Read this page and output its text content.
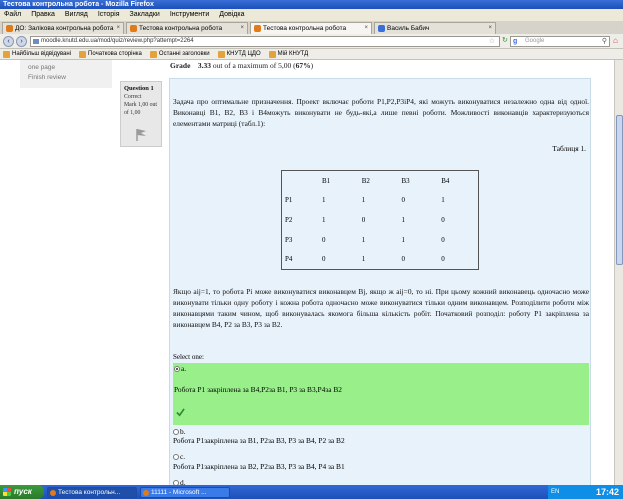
Тестова контрольна робота - Mozilla Firefox
Файл Правка Вигляд Історія Закладки Інструменти Довідка
ДО: Залікова контрольна робота ×	Тестова контрольна робота	×	Тестова контрольна робота	×	Василь Бабич	×
‹	›	moodle.knutd.edu.ua/mod/quiz/review.php?attempt=2264	☆ ↻ g Google	⚲ ⌂
Найбільш відвідувані	Початкова сторінка	Останні заголовки	КНУТД ЦДО	Мій КНУТД
one page
Finish review
Grade 3.33 out of a maximum of 5,00 (67%)
Question 1
Correct
Mark 1,00 out of 1,00
Задача про оптимальне призначення. Проект включає роботи P1,P2,P3іP4, які можуть виконуватися незалежно одна від одної. Виконавці B1, B2, B3 і B4можуть виконувати не будь-які,а лише певні роботи. Можливості виконавців характеризуються елементами матриці (табл.1):
Таблиця 1.
	B1	B2	B3	B4
P1	1	1	0	1
P2	1	0	1	0
P3	0	1	1	0
P4	0	1	0	0
Якщо aij=1, то робота Pi може виконуватися виконавцем Bj, якщо ж aij=0, то ні. При цьому кожний виконавець одночасно може виконувати тільки одну роботу і кожна робота одночасно може виконуватися тільки одним виконавцем. Розподілити роботи між виконавцями таким чином, щоб виконувалась якомога більша кількість робіт. Початковий розподіл: роботу P1 закріплена за виконавцем B4, P2 за B3, P3 за B2.
Select one:
a.
Робота P1 закріплена за B4,P2за B1, P3 за B3,P4за B2
b.
Робота P1закріплена за B1, P2за B3, P3 за B4, P2 за B2
c.
Робота P1закріплена за B2, P2за B3, P3 за B4, P4 за B1
d.
пуск	Тестова контрольн...	11111 - Microsoft ...	EN	17:42
